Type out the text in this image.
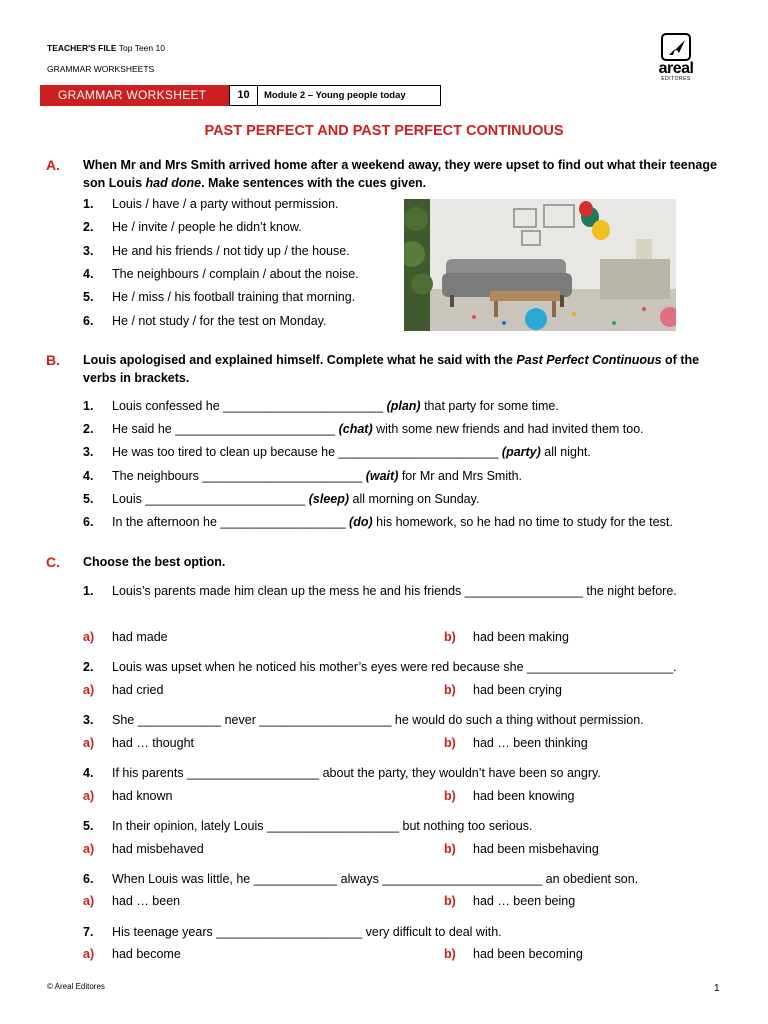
TEACHER'S FILE Top Teen 10
GRAMMAR WORKSHEETS	areal
EDITORES
GRAMMAR WORKSHEET	10	Module 2 – Young people today
PAST PERFECT AND PAST PERFECT CONTINUOUS
A. When Mr and Mrs Smith arrived home after a weekend away, they were upset to find out what their teenage son Louis had done. Make sentences with the cues given.
1. Louis / have / a party without permission.
2. He / invite / people he didn’t know.
3. He and his friends / not tidy up / the house.
4. The neighbours / complain / about the noise.
5. He / miss / his football training that morning.
6. He / not study / for the test on Monday.
B. Louis apologised and explained himself. Complete what he said with the Past Perfect Continuous of the verbs in brackets.
1. Louis confessed he _______________________ (plan) that party for some time.
2. He said he _______________________ (chat) with some new friends and had invited them too.
3. He was too tired to clean up because he _______________________ (party) all night.
4. The neighbours _______________________ (wait) for Mr and Mrs Smith.
5. Louis _______________________ (sleep) all morning on Sunday.
6. In the afternoon he __________________ (do) his homework, so he had no time to study for the test.
C. Choose the best option.
1. Louis’s parents made him clean up the mess he and his friends _________________ the night before.
a) had made	b) had been making
2. Louis was upset when he noticed his mother’s eyes were red because she _____________________.
a) had cried	b) had been crying
3. She ____________ never ___________________ he would do such a thing without permission.
a) had … thought	b) had … been thinking
4. If his parents ___________________ about the party, they wouldn’t have been so angry.
a) had known	b) had been knowing
5. In their opinion, lately Louis ___________________ but nothing too serious.
a) had misbehaved	b) had been misbehaving
6. When Louis was little, he ____________ always _______________________ an obedient son.
a) had … been	b) had … been being
7. His teenage years _____________________ very difficult to deal with.
a) had become	b) had been becoming
© Areal Editores	1
